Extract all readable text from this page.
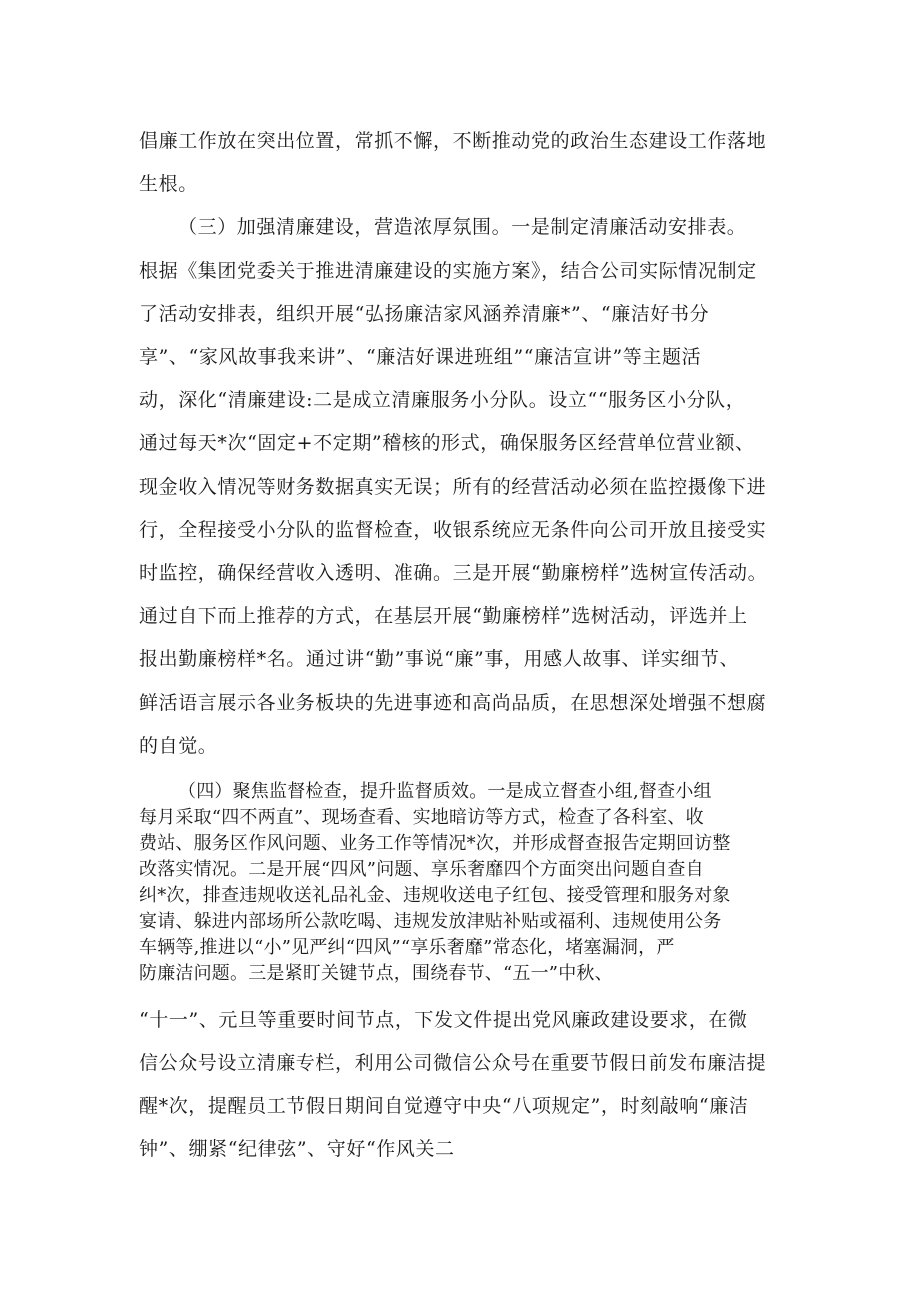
倡廉工作放在突出位置，常抓不懈，不断推动党的政治生态建设工作落地
生根。
（三）加强清廉建设，营造浓厚氛围。一是制定清廉活动安排表。
根据《集团党委关于推进清廉建设的实施方案》，结合公司实际情况制定
了活动安排表，组织开展“弘扬廉洁家风涵养清廉*”、“廉洁好书分
享”、“家风故事我来讲”、“廉洁好课进班组”“廉洁宣讲”等主题活
动，深化“清廉建设:二是成立清廉服务小分队。设立““服务区小分队，
通过每天*次“固定+不定期”稽核的形式，确保服务区经营单位营业额、
现金收入情况等财务数据真实无误；所有的经营活动必须在监控摄像下进
行，全程接受小分队的监督检查，收银系统应无条件向公司开放且接受实
时监控，确保经营收入透明、准确。三是开展“勤廉榜样”选树宣传活动。
通过自下而上推荐的方式，在基层开展“勤廉榜样”选树活动，评选并上
报出勤廉榜样*名。通过讲“勤”事说“廉”事，用感人故事、详实细节、
鲜活语言展示各业务板块的先进事迹和高尚品质，在思想深处增强不想腐
的自觉。
（四）聚焦监督检查，提升监督质效。一是成立督查小组,督查小组
每月采取“四不两直”、现场查看、实地暗访等方式，检查了各科室、收
费站、服务区作风问题、业务工作等情况*次，并形成督查报告定期回访整
改落实情况。二是开展“四风”问题、享乐奢靡四个方面突出问题自查自
纠*次，排查违规收送礼品礼金、违规收送电子红包、接受管理和服务对象
宴请、躲进内部场所公款吃喝、违规发放津贴补贴或福利、违规使用公务
车辆等,推进以“小”见严纠“四风”“享乐奢靡”常态化，堵塞漏洞，严
防廉洁问题。三是紧盯关键节点，围绕春节、“五一”中秋、
“十一”、元旦等重要时间节点，下发文件提出党风廉政建设要求，在微
信公众号设立清廉专栏，利用公司微信公众号在重要节假日前发布廉洁提
醒*次，提醒员工节假日期间自觉遵守中央“八项规定”，时刻敲响“廉洁
钟”、绷紧“纪律弦”、守好“作风关二
